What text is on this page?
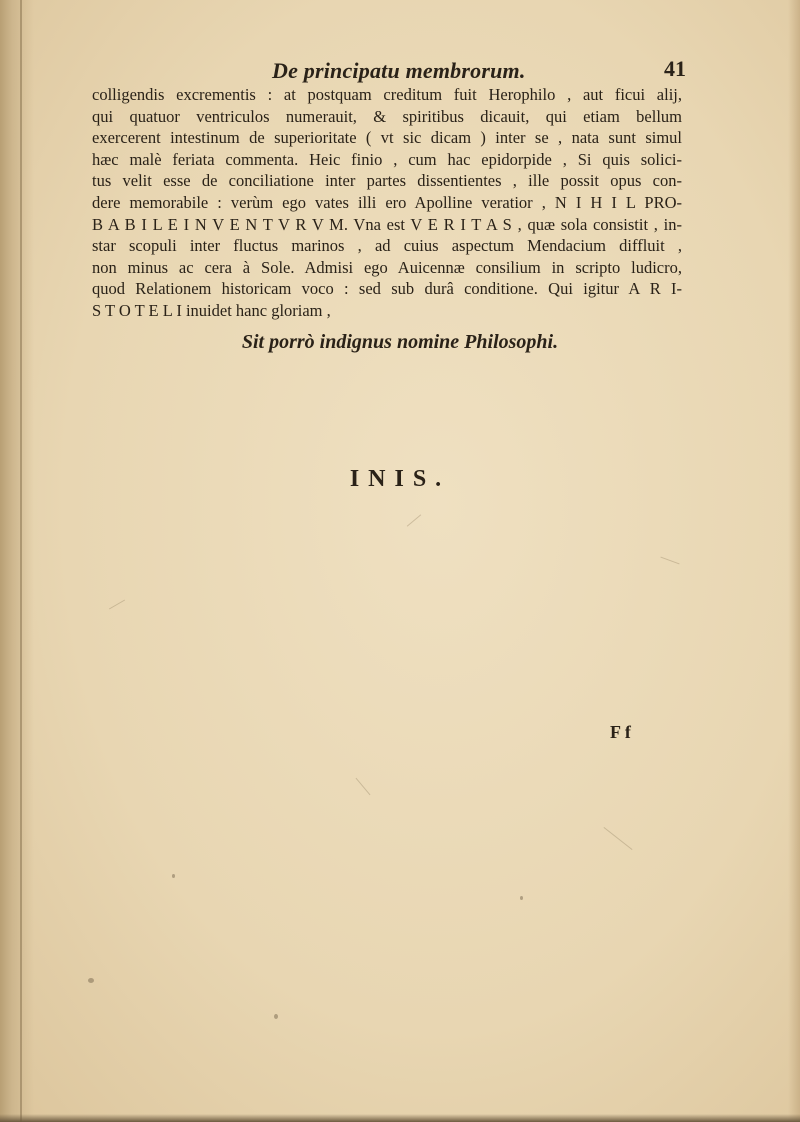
De principatu membrorum.	41
colligendis excrementis : at postquam creditum fuit Herophilo , aut ficui alij,
qui quatuor ventriculos numerauit, & spiritibus dicauit, qui etiam bellum
exercerent intestinum de superioritate ( vt sic dicam ) inter se , nata sunt simul
hæc malè feriata commenta. Heic finio , cum hac epidorpide , Si quis solici-
tus velit esse de conciliatione inter partes dissentientes , ille possit opus con-
dere memorabile : verùm ego vates illi ero Apolline veratior , N I H I L PRO-
B A B I L E I N V E N T V R V M. Vna est V E R I T A S , quæ sola consistit , in-
star scopuli inter fluctus marinos , ad cuius aspectum Mendacium diffluit ,
non minus ac cera à Sole. Admisi ego Auicennæ consilium in scripto ludicro,
quod Relationem historicam voco : sed sub durâ conditione. Qui igitur A R I-
S T O T E L I inuidet hanc gloriam ,
Sit porrò indignus nomine Philosophi.
INIS.
F f
